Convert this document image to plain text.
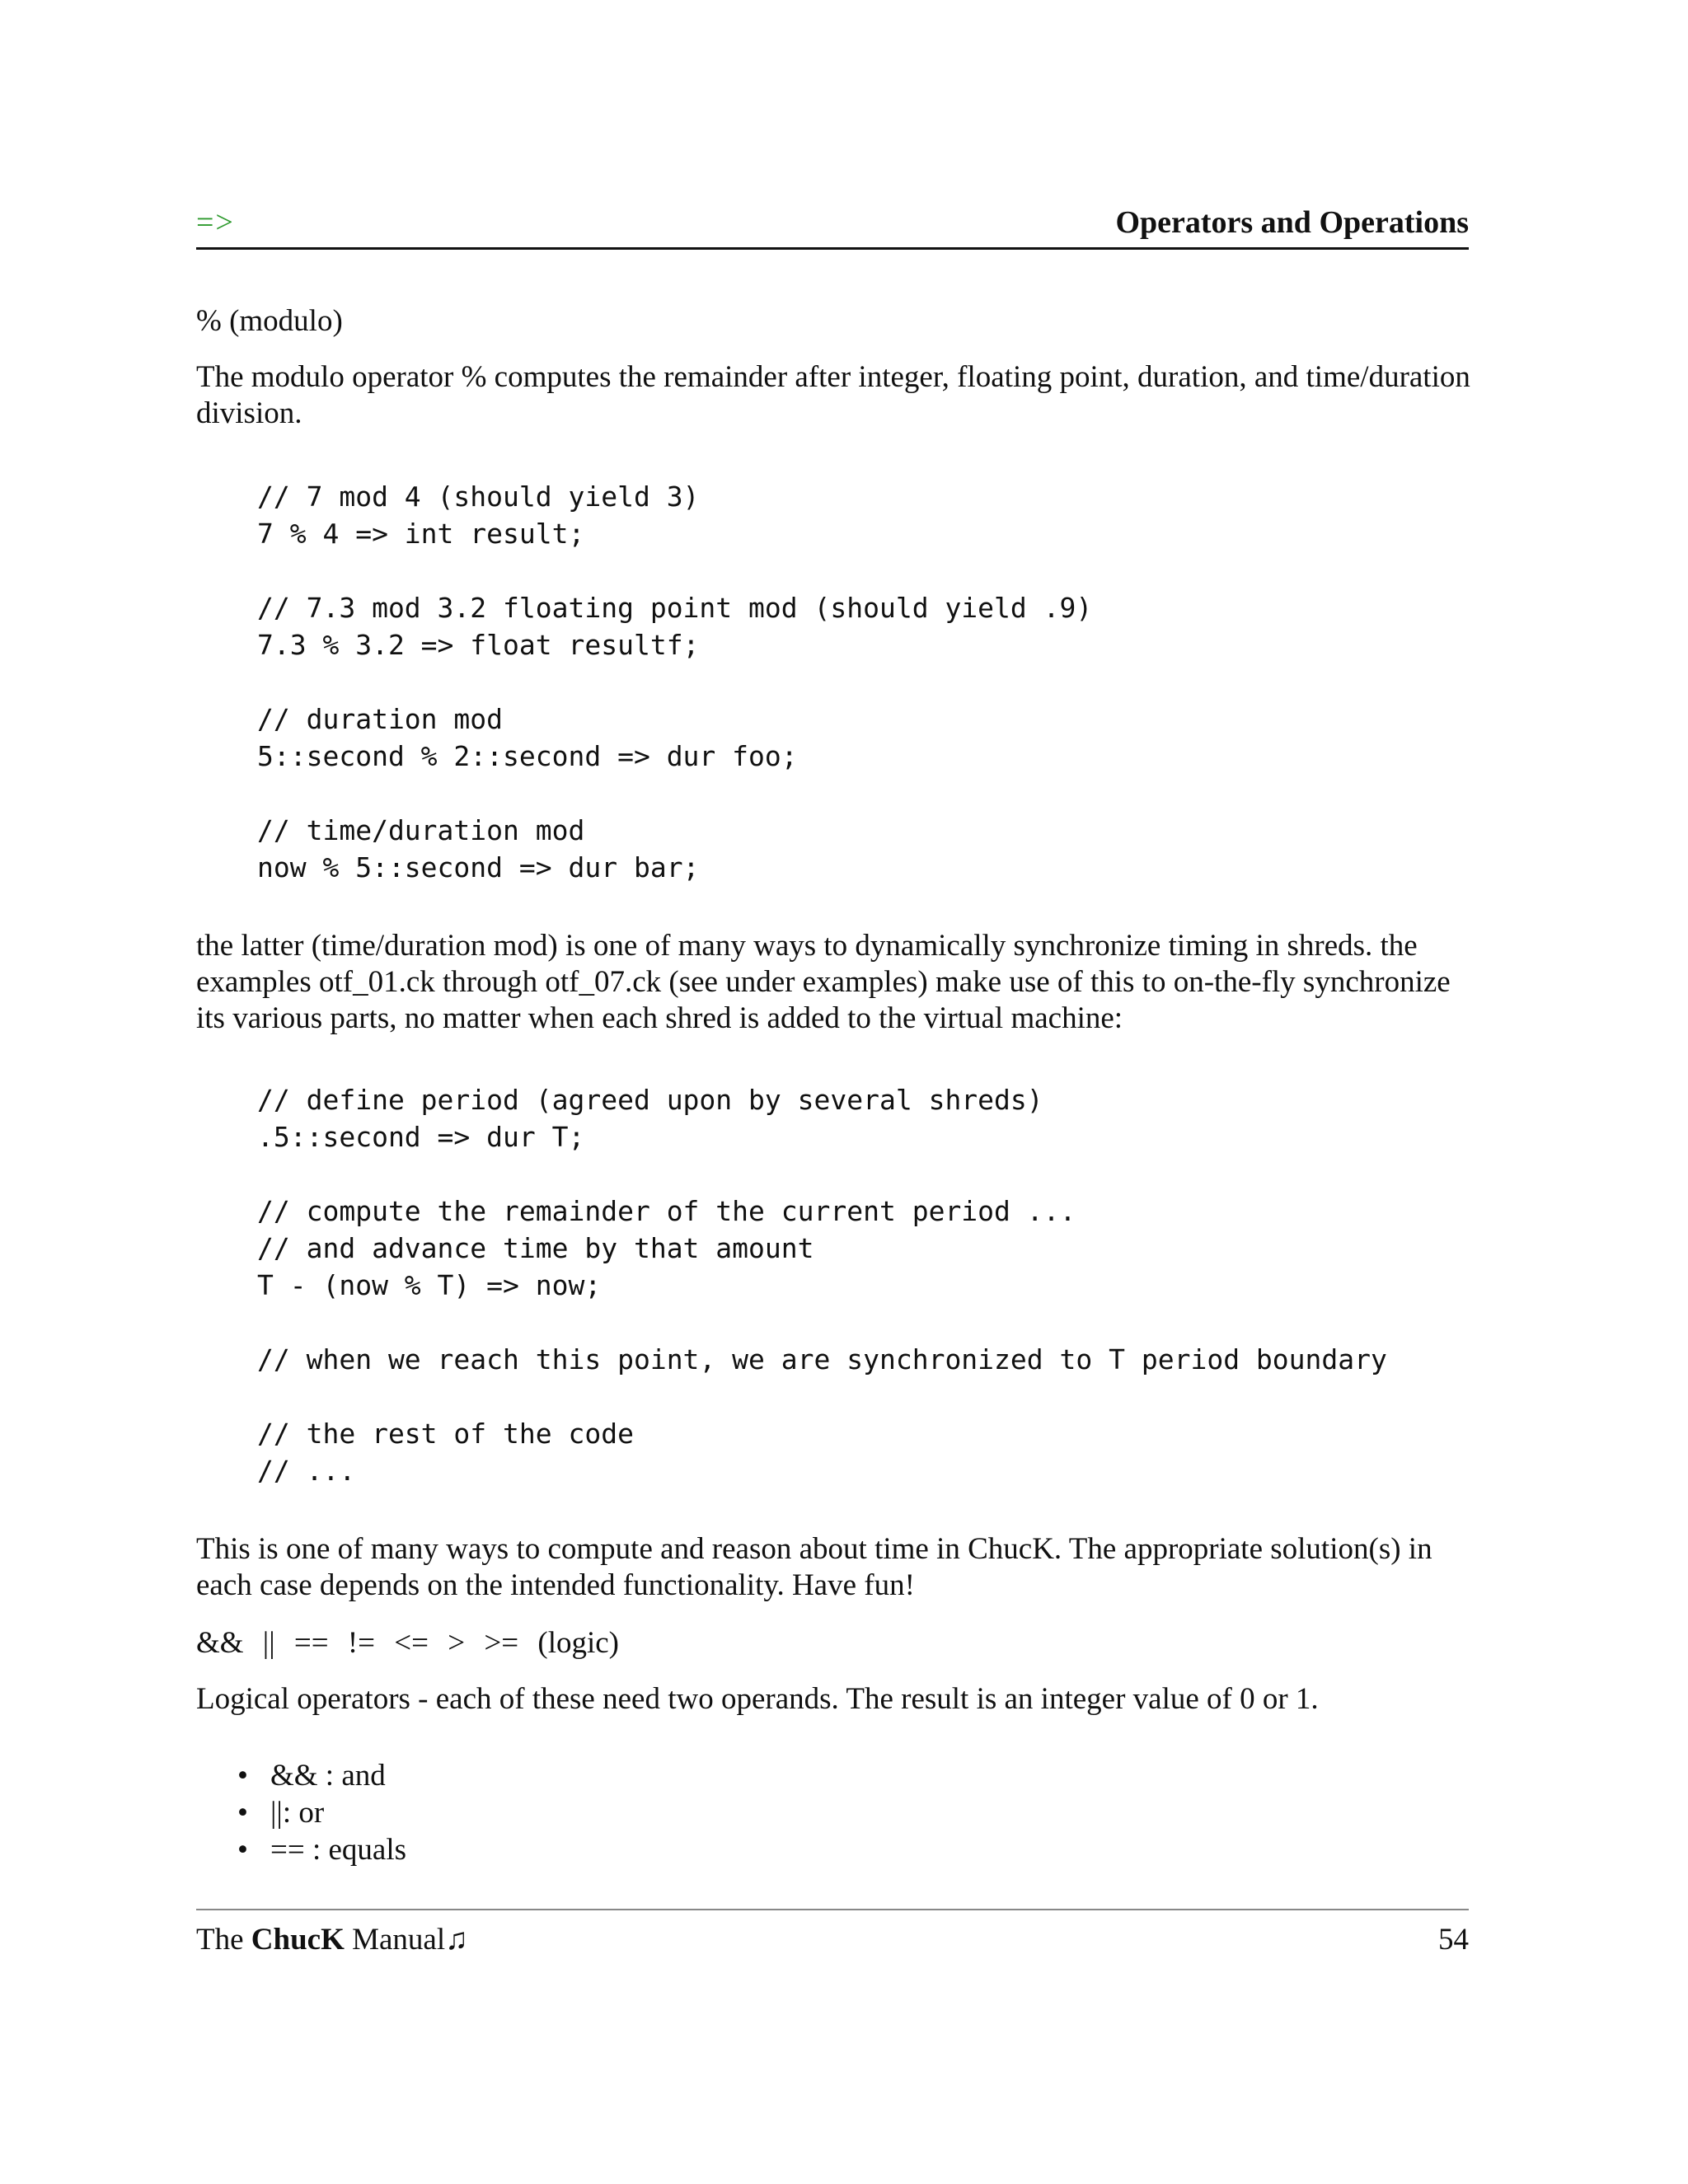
=>	Operators and Operations

% (modulo)

The modulo operator % computes the remainder after integer, floating point, duration, and time/duration division.

// 7 mod 4 (should yield 3)
7 % 4 => int result;

// 7.3 mod 3.2 floating point mod (should yield .9)
7.3 % 3.2 => float resultf;

// duration mod
5::second % 2::second => dur foo;

// time/duration mod
now % 5::second => dur bar;

the latter (time/duration mod) is one of many ways to dynamically synchronize timing in shreds. the examples otf_01.ck through otf_07.ck (see under examples) make use of this to on-the-fly synchronize its various parts, no matter when each shred is added to the virtual machine:

// define period (agreed upon by several shreds)
.5::second => dur T;

// compute the remainder of the current period ...
// and advance time by that amount
T - (now % T) => now;

// when we reach this point, we are synchronized to T period boundary

// the rest of the code
// ...

This is one of many ways to compute and reason about time in ChucK. The appropriate solution(s) in each case depends on the intended functionality. Have fun!

&& || == != <= > >= (logic)

Logical operators - each of these need two operands. The result is an integer value of 0 or 1.

• && : and
• ||: or
• == : equals
The ChucK Manual♫	54
